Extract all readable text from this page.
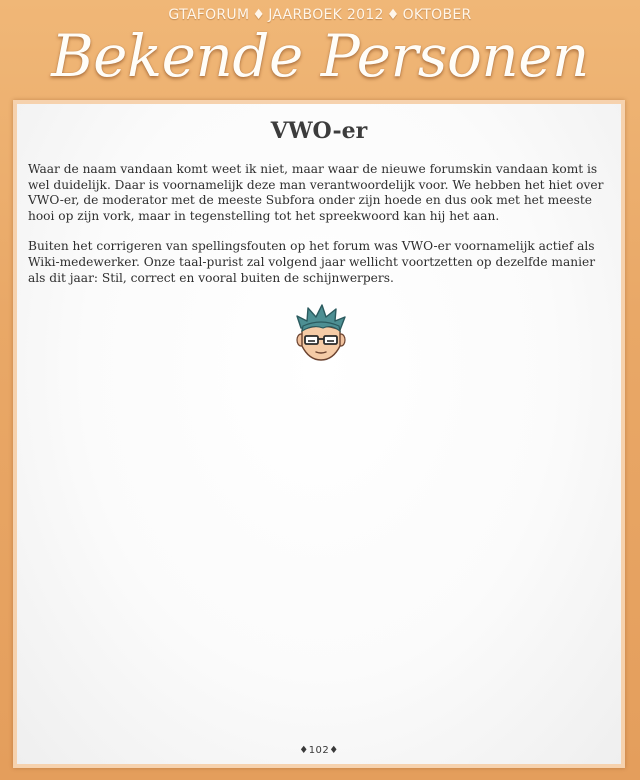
GTAFORUM ♦ JAARBOEK 2012 ♦ OKTOBER
Bekende Personen
VWO-er

Waar de naam vandaan komt weet ik niet, maar waar de nieuwe forumskin vandaan komt is wel duidelijk. Daar is voornamelijk deze man verantwoordelijk voor. We hebben het hiet over VWO-er, de moderator met de meeste Subfora onder zijn hoede en dus ook met het meeste hooi op zijn vork, maar in tegenstelling tot het spreekwoord kan hij het aan.

Buiten het corrigeren van spellingsfouten op het forum was VWO-er voornamelijk actief als Wiki-medewerker. Onze taal-purist zal volgend jaar wellicht voortzetten op dezelfde manier als dit jaar: Stil, correct en vooral buiten de schijnwerpers.

♦102♦
